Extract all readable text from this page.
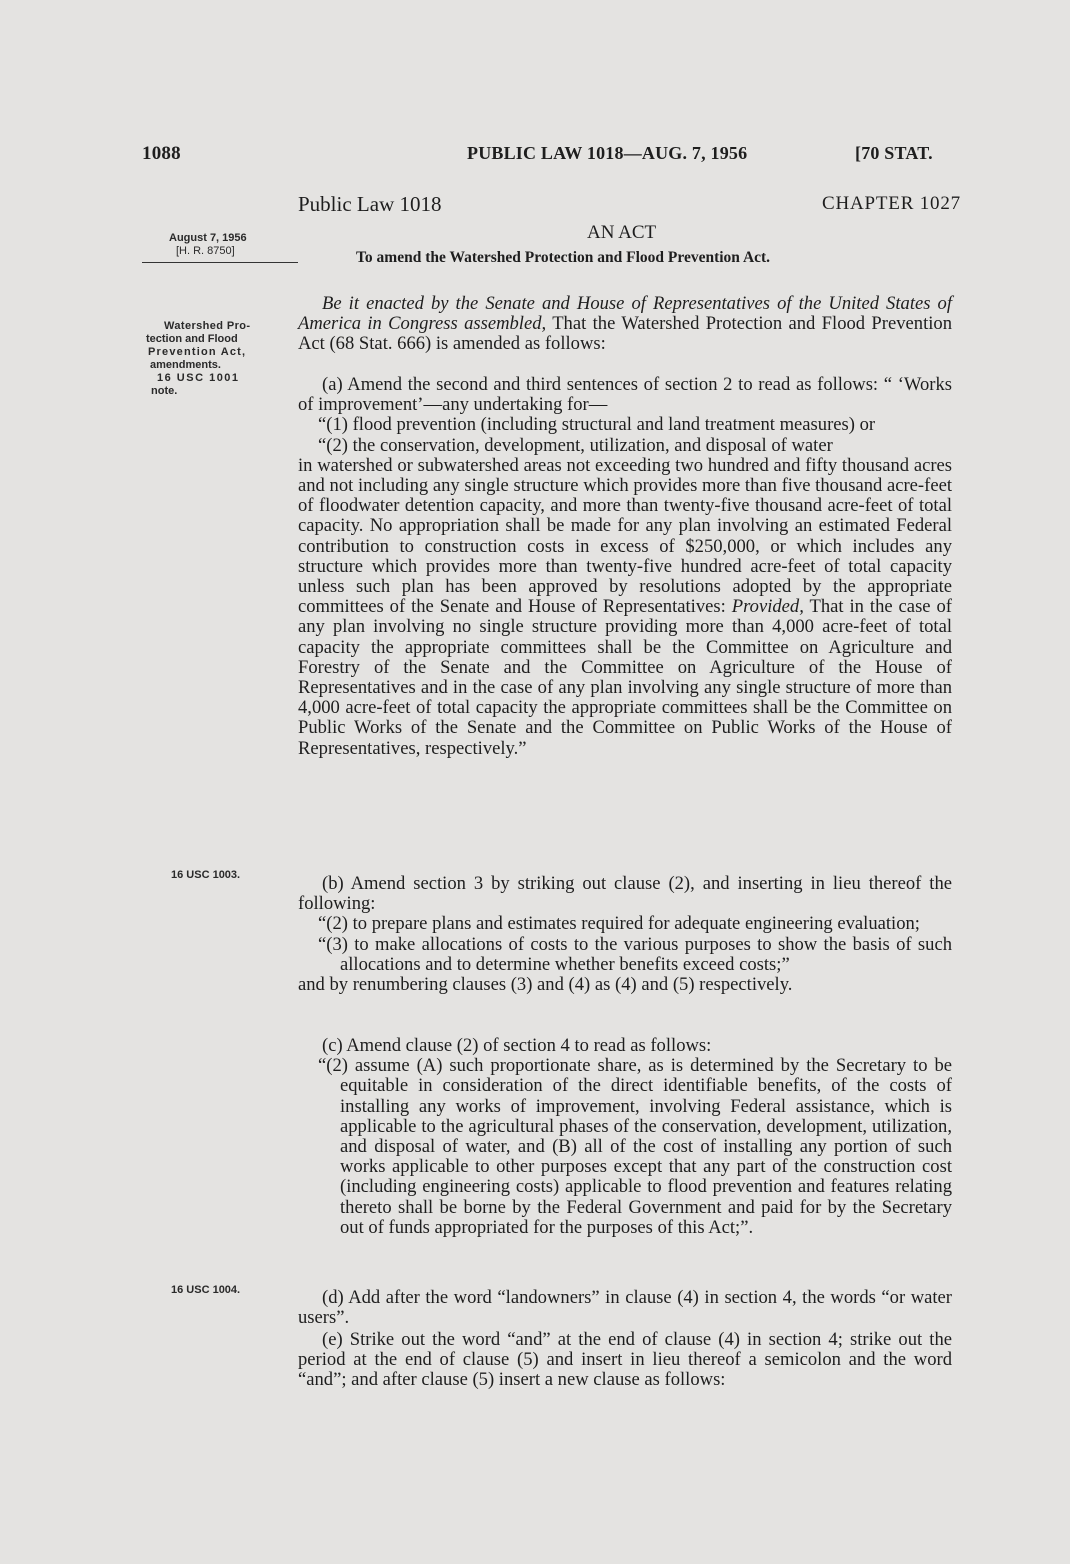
1088	PUBLIC LAW 1018—AUG. 7, 1956	[70 STAT.
Public Law 1018	CHAPTER 1027
AN ACT
To amend the Watershed Protection and Flood Prevention Act.
August 7, 1956
[H. R. 8750]
Watershed Pro-
tection and Flood
Prevention Act,
amendments.
16 USC 1001
note.
16 USC 1003.
16 USC 1004.

Be it enacted by the Senate and House of Representatives of the United States of America in Congress assembled, That the Watershed Protection and Flood Prevention Act (68 Stat. 666) is amended as follows:

(a) Amend the second and third sentences of section 2 to read as follows: “ ‘Works of improvement’—any undertaking for—

“(1) flood prevention (including structural and land treatment measures) or

“(2) the conservation, development, utilization, and disposal of water

in watershed or subwatershed areas not exceeding two hundred and fifty thousand acres and not including any single structure which provides more than five thousand acre-feet of floodwater detention capacity, and more than twenty-five thousand acre-feet of total capacity. No appropriation shall be made for any plan involving an estimated Federal contribution to construction costs in excess of $250,000, or which includes any structure which provides more than twenty-five hundred acre-feet of total capacity unless such plan has been approved by resolutions adopted by the appropriate committees of the Senate and House of Representatives: Provided, That in the case of any plan involving no single structure providing more than 4,000 acre-feet of total capacity the appropriate committees shall be the Committee on Agriculture and Forestry of the Senate and the Committee on Agriculture of the House of Representatives and in the case of any plan involving any single structure of more than 4,000 acre-feet of total capacity the appropriate committees shall be the Committee on Public Works of the Senate and the Committee on Public Works of the House of Representatives, respectively.”

(b) Amend section 3 by striking out clause (2), and inserting in lieu thereof the following:

“(2) to prepare plans and estimates required for adequate engineering evaluation;

“(3) to make allocations of costs to the various purposes to show the basis of such allocations and to determine whether benefits exceed costs;”

and by renumbering clauses (3) and (4) as (4) and (5) respectively.

(c) Amend clause (2) of section 4 to read as follows:

“(2) assume (A) such proportionate share, as is determined by the Secretary to be equitable in consideration of the direct identifiable benefits, of the costs of installing any works of improvement, involving Federal assistance, which is applicable to the agricultural phases of the conservation, development, utilization, and disposal of water, and (B) all of the cost of installing any portion of such works applicable to other purposes except that any part of the construction cost (including engineering costs) applicable to flood prevention and features relating thereto shall be borne by the Federal Government and paid for by the Secretary out of funds appropriated for the purposes of this Act;”.

(d) Add after the word “landowners” in clause (4) in section 4, the words “or water users”.

(e) Strike out the word “and” at the end of clause (4) in section 4; strike out the period at the end of clause (5) and insert in lieu thereof a semicolon and the word “and”; and after clause (5) insert a new clause as follows:
